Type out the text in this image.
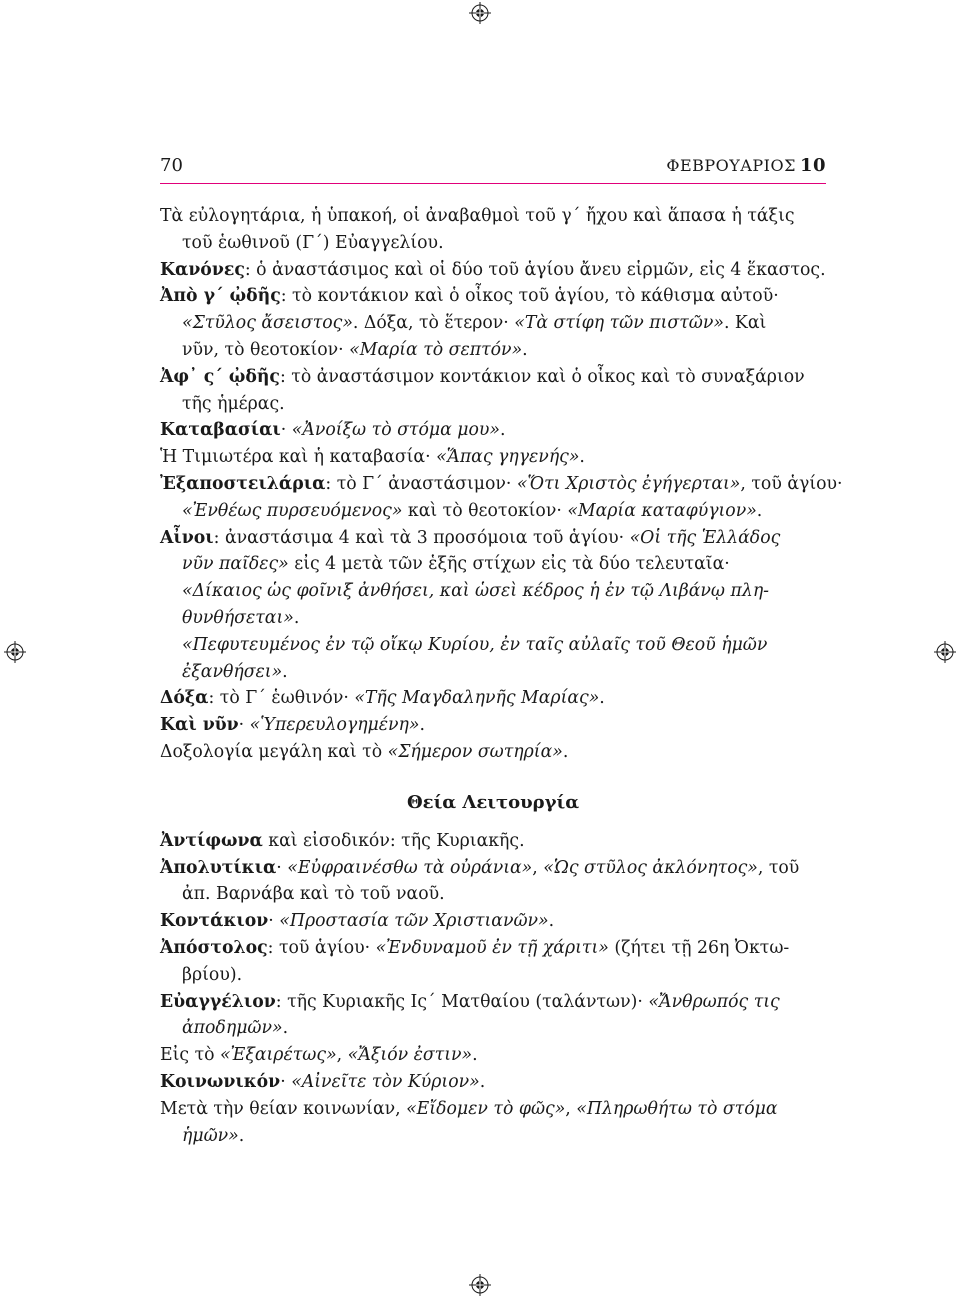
70	ΦΕΒΡΟΥΑΡΙΟΣ 10
Τὰ εὐλογητάρια, ἡ ὑπακοή, οἱ ἀναβαθμοὶ τοῦ γ´ ἤχου καὶ ἅπασα ἡ τάξις
τοῦ ἑωθινοῦ (Γ´) Εὐαγγελίου.
Κανόνες: ὁ ἀναστάσιμος καὶ οἱ δύο τοῦ ἁγίου ἄνευ εἱρμῶν, εἰς 4 ἕκαστος.
Ἀπὸ γ´ ᾠδῆς: τὸ κοντάκιον καὶ ὁ οἶκος τοῦ ἁγίου, τὸ κάθισμα αὐτοῦ·
«Στῦλος ἄσειστος». Δόξα, τὸ ἕτερον· «Τὰ στίφη τῶν πιστῶν». Καὶ
νῦν, τὸ θεοτοκίον· «Μαρία τὸ σεπτόν».
Ἀφ᾽ ς´ ᾠδῆς: τὸ ἀναστάσιμον κοντάκιον καὶ ὁ οἶκος καὶ τὸ συναξάριον
τῆς ἡμέρας.
Καταβασίαι· «Ἀνοίξω τὸ στόμα μου».
Ἡ Τιμιωτέρα καὶ ἡ καταβασία· «Ἅπας γηγενής».
Ἐξαποστειλάρια: τὸ Γ´ ἀναστάσιμον· «Ὅτι Χριστὸς ἐγήγερται», τοῦ ἁγίου·
«Ἐνθέως πυρσευόμενος» καὶ τὸ θεοτοκίον· «Μαρία καταφύγιον».
Αἶνοι: ἀναστάσιμα 4 καὶ τὰ 3 προσόμοια τοῦ ἁγίου· «Οἱ τῆς Ἑλλάδος
νῦν παῖδες» εἰς 4 μετὰ τῶν ἑξῆς στίχων εἰς τὰ δύο τελευταῖα·
«Δίκαιος ὡς φοῖνιξ ἀνθήσει, καὶ ὡσεὶ κέδρος ἡ ἐν τῷ Λιβάνῳ πλη-
θυνθήσεται».
«Πεφυτευμένος ἐν τῷ οἴκῳ Κυρίου, ἐν ταῖς αὐλαῖς τοῦ Θεοῦ ἡμῶν
ἐξανθήσει».
Δόξα: τὸ Γ´ ἑωθινόν· «Τῆς Μαγδαληνῆς Μαρίας».
Καὶ νῦν· «Ὑπερευλογημένη».
Δοξολογία μεγάλη καὶ τὸ «Σήμερον σωτηρία».
Θεία Λειτουργία
Ἀντίφωνα καὶ εἰσοδικόν: τῆς Κυριακῆς.
Ἀπολυτίκια· «Εὐφραινέσθω τὰ οὐράνια», «Ὡς στῦλος ἀκλόνητος», τοῦ
ἀπ. Βαρνάβα καὶ τὸ τοῦ ναοῦ.
Κοντάκιον· «Προστασία τῶν Χριστιανῶν».
Ἀπόστολος: τοῦ ἁγίου· «Ἐνδυναμοῦ ἐν τῇ χάριτι» (ζήτει τῇ 26η Ὀκτω-
βρίου).
Εὐαγγέλιον: τῆς Κυριακῆς Ις´ Ματθαίου (ταλάντων)· «Ἄνθρωπός τις
ἀποδημῶν».
Εἰς τὸ «Ἐξαιρέτως», «Ἄξιόν ἐστιν».
Κοινωνικόν· «Αἰνεῖτε τὸν Κύριον».
Μετὰ τὴν θείαν κοινωνίαν, «Εἴδομεν τὸ φῶς», «Πληρωθήτω τὸ στόμα
ἡμῶν».
